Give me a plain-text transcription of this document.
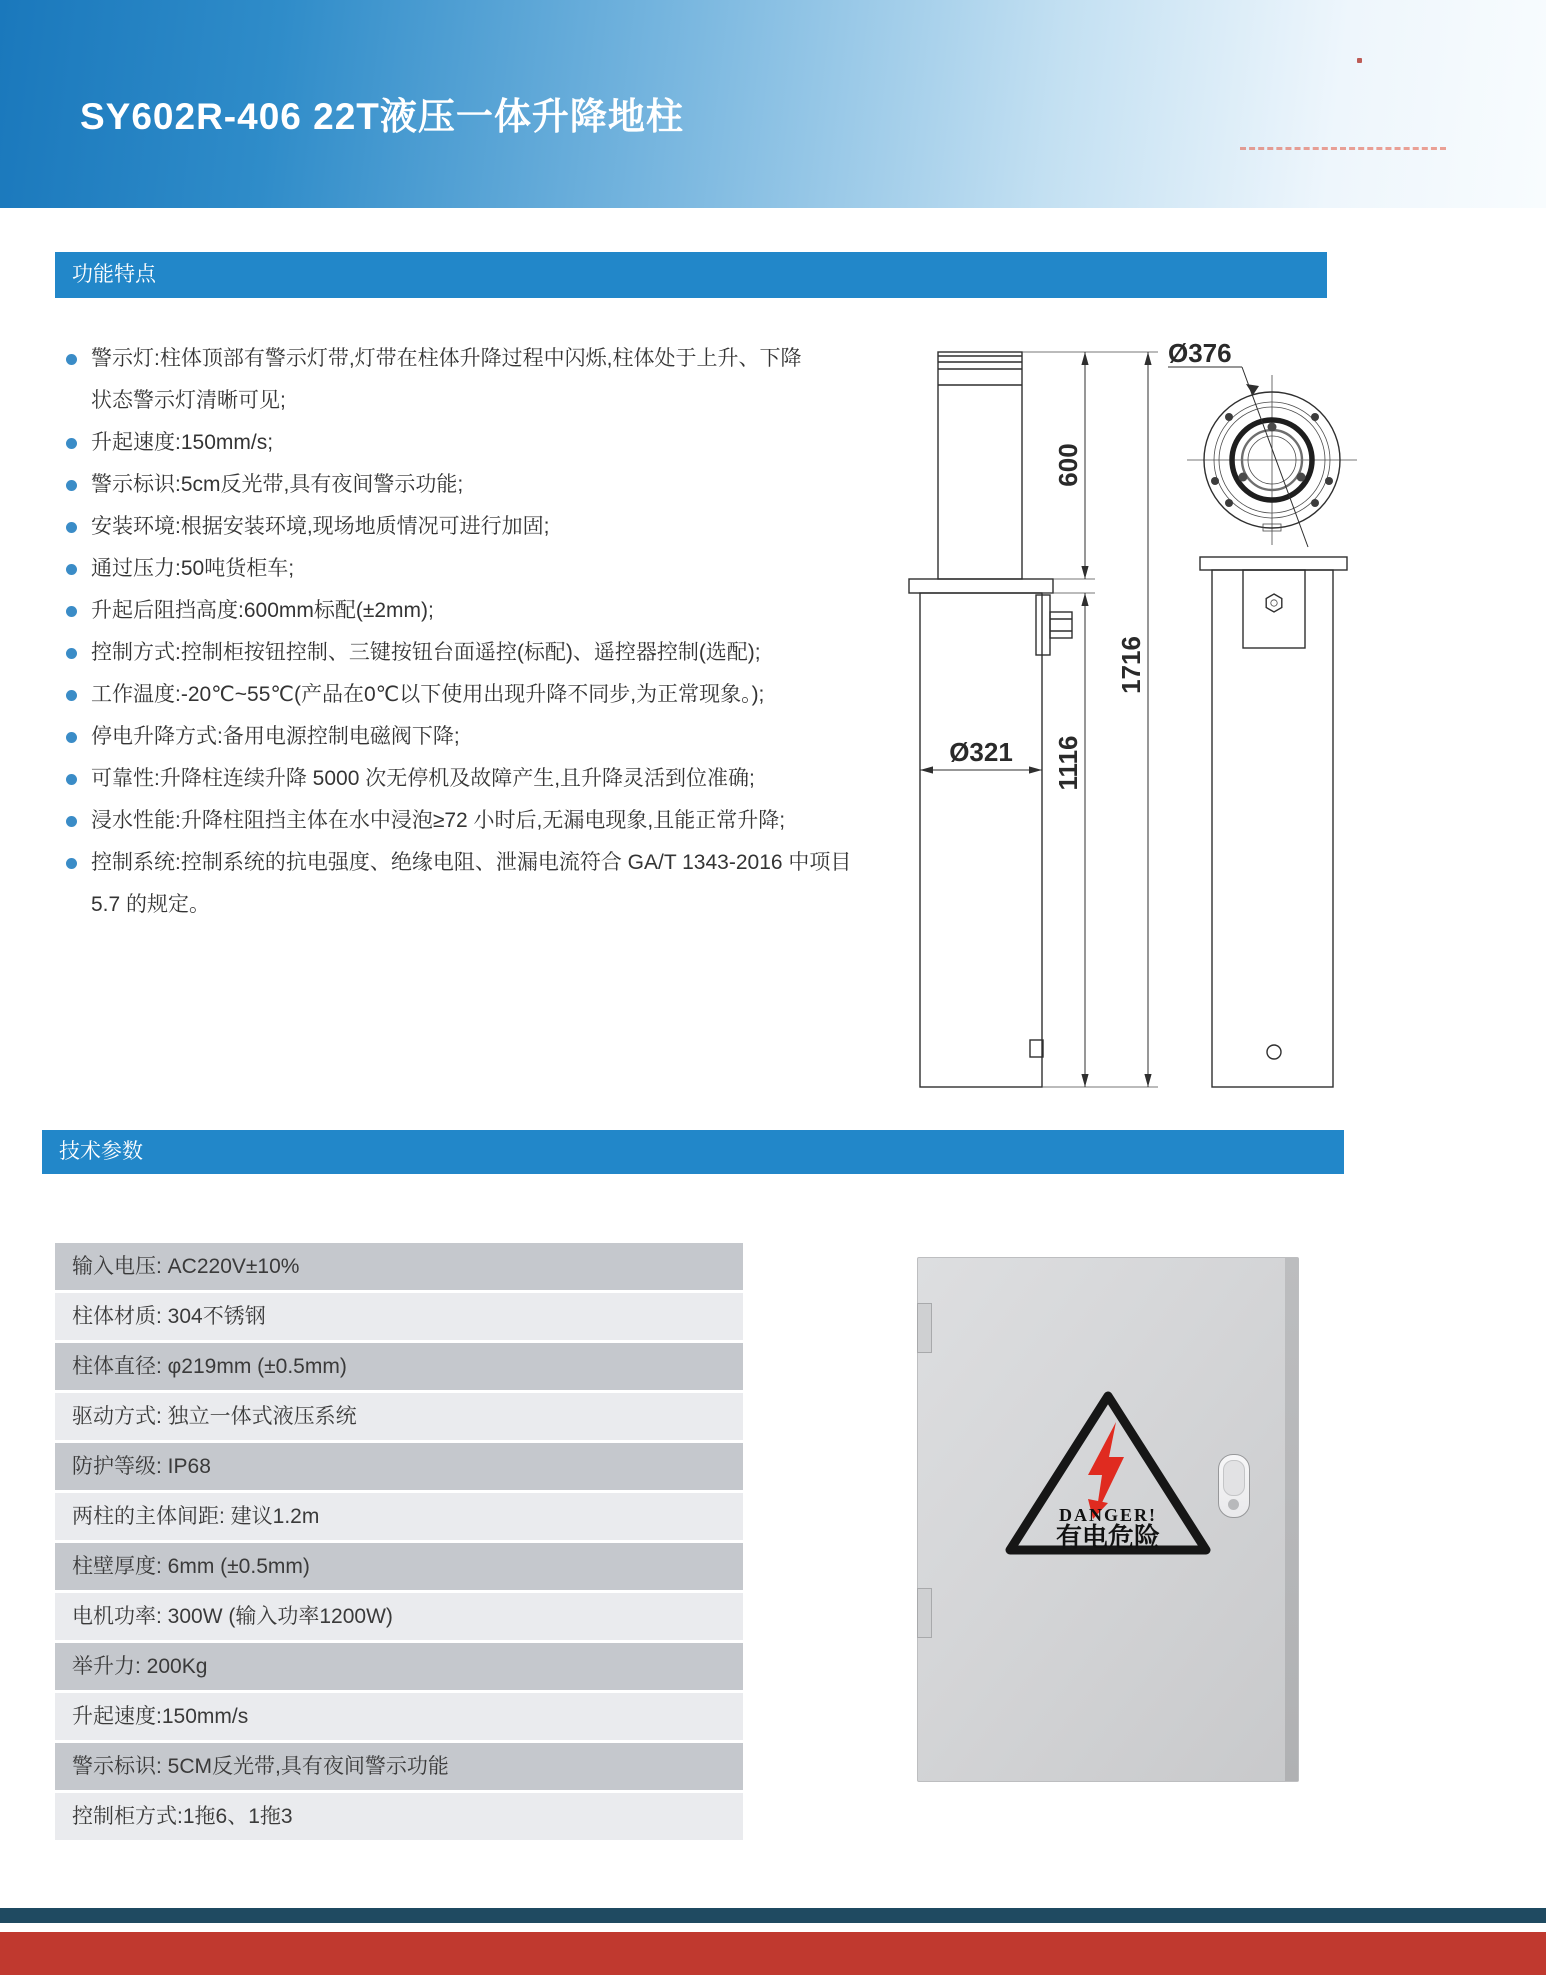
SY602R-406 22T液压一体升降地柱
功能特点
警示灯:柱体顶部有警示灯带,灯带在柱体升降过程中闪烁,柱体处于上升、下降
状态警示灯清晰可见;
升起速度:150mm/s;
警示标识:5cm反光带,具有夜间警示功能;
安装环境:根据安装环境,现场地质情况可进行加固;
通过压力:50吨货柜车;
升起后阻挡高度:600mm标配(±2mm);
控制方式:控制柜按钮控制、三键按钮台面遥控(标配)、遥控器控制(选配);
工作温度:-20℃~55℃(产品在0℃以下使用出现升降不同步,为正常现象。);
停电升降方式:备用电源控制电磁阀下降;
可靠性:升降柱连续升降 5000 次无停机及故障产生,且升降灵活到位准确;
浸水性能:升降柱阻挡主体在水中浸泡≥72 小时后,无漏电现象,且能正常升降;
控制系统:控制系统的抗电强度、绝缘电阻、泄漏电流符合 GA/T 1343-2016 中项目
5.7 的规定。
Ø321
600
1116
1716
Ø376
技术参数
输入电压: AC220V±10%
柱体材质: 304不锈钢
柱体直径: φ219mm (±0.5mm)
驱动方式: 独立一体式液压系统
防护等级: IP68
两柱的主体间距: 建议1.2m
柱壁厚度: 6mm (±0.5mm)
电机功率: 300W (输入功率1200W)
举升力: 200Kg
升起速度:150mm/s
警示标识: 5CM反光带,具有夜间警示功能
控制柜方式:1拖6、1拖3
DANGER!
有电危险
